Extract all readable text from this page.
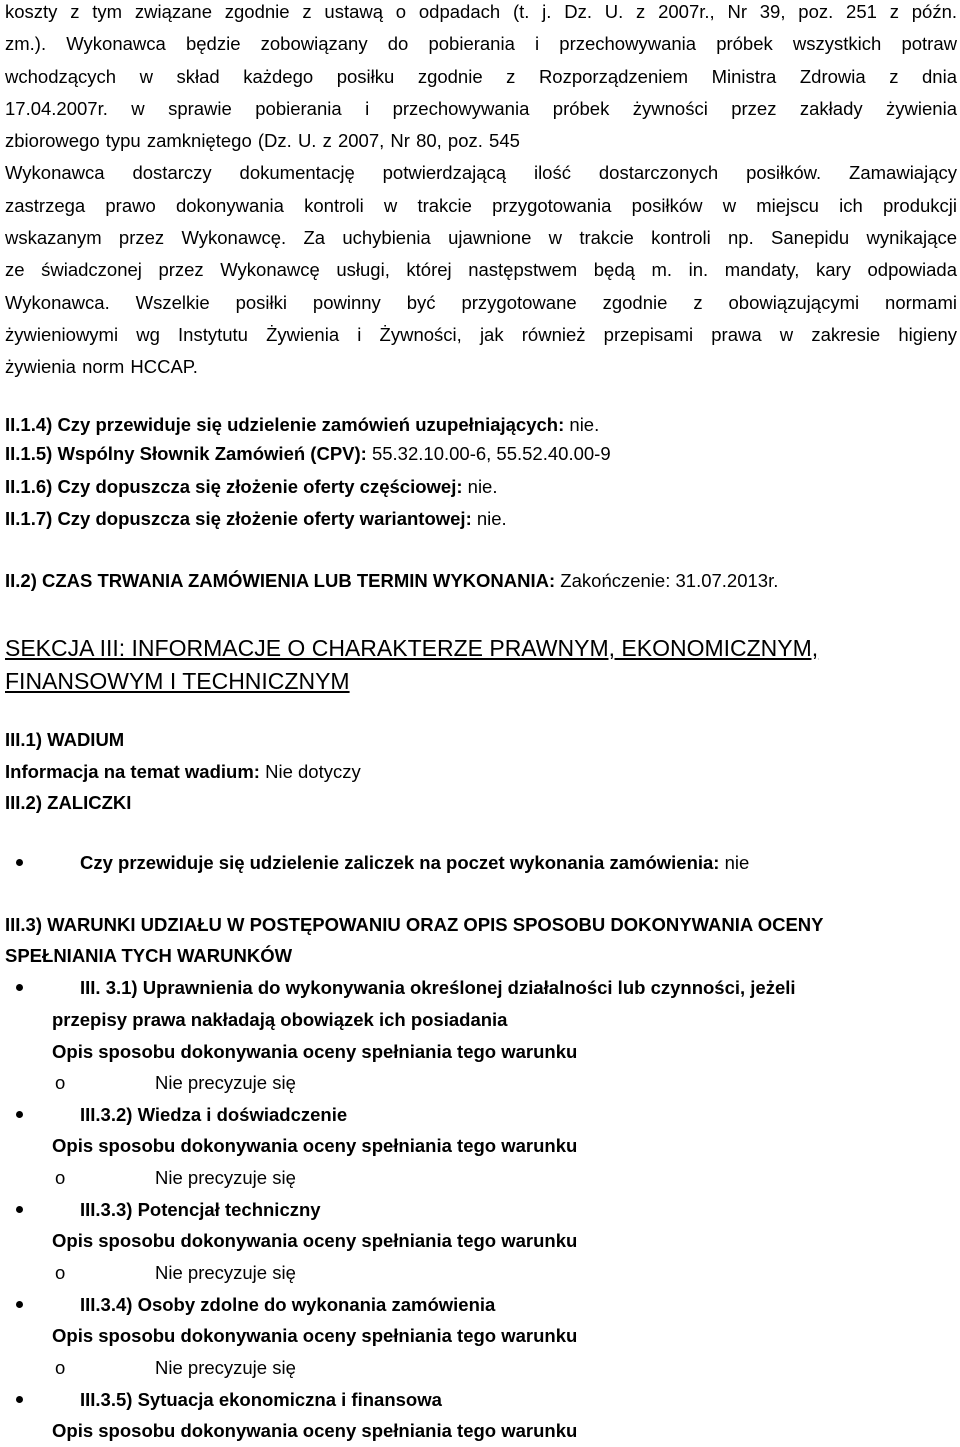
koszty z tym związane zgodnie z ustawą o odpadach (t. j. Dz. U. z 2007r., Nr 39, poz. 251 z późn.
zm.). Wykonawca będzie zobowiązany do pobierania i przechowywania próbek wszystkich potraw
wchodzących w skład każdego posiłku zgodnie z Rozporządzeniem Ministra Zdrowia z dnia
17.04.2007r. w sprawie pobierania i przechowywania próbek żywności przez zakłady żywienia
zbiorowego typu zamkniętego (Dz. U. z 2007, Nr 80, poz. 545
Wykonawca dostarczy dokumentację potwierdzającą ilość dostarczonych posiłków. Zamawiający
zastrzega prawo dokonywania kontroli w trakcie przygotowania posiłków w miejscu ich produkcji
wskazanym przez Wykonawcę. Za uchybienia ujawnione w trakcie kontroli np. Sanepidu wynikające
ze świadczonej przez Wykonawcę usługi, której następstwem będą m. in. mandaty, kary odpowiada
Wykonawca. Wszelkie posiłki powinny być przygotowane zgodnie z obowiązującymi normami
żywieniowymi wg Instytutu Żywienia i Żywności, jak również przepisami prawa w zakresie higieny
żywienia norm HCCAP.
II.1.4) Czy przewiduje się udzielenie zamówień uzupełniających: nie.
II.1.5) Wspólny Słownik Zamówień (CPV): 55.32.10.00-6, 55.52.40.00-9
II.1.6) Czy dopuszcza się złożenie oferty częściowej: nie.
II.1.7) Czy dopuszcza się złożenie oferty wariantowej: nie.
II.2) CZAS TRWANIA ZAMÓWIENIA LUB TERMIN WYKONANIA: Zakończenie: 31.07.2013r.
SEKCJA III: INFORMACJE O CHARAKTERZE PRAWNYM, EKONOMICZNYM,
FINANSOWYM I TECHNICZNYM
III.1) WADIUM
Informacja na temat wadium: Nie dotyczy
III.2) ZALICZKI
Czy przewiduje się udzielenie zaliczek na poczet wykonania zamówienia: nie
III.3) WARUNKI UDZIAŁU W POSTĘPOWANIU ORAZ OPIS SPOSOBU DOKONYWANIA OCENY
SPEŁNIANIA TYCH WARUNKÓW
III. 3.1) Uprawnienia do wykonywania określonej działalności lub czynności, jeżeli
przepisy prawa nakładają obowiązek ich posiadania
Opis sposobu dokonywania oceny spełniania tego warunku
o	Nie precyzuje się
III.3.2) Wiedza i doświadczenie
Opis sposobu dokonywania oceny spełniania tego warunku
o	Nie precyzuje się
III.3.3) Potencjał techniczny
Opis sposobu dokonywania oceny spełniania tego warunku
o	Nie precyzuje się
III.3.4) Osoby zdolne do wykonania zamówienia
Opis sposobu dokonywania oceny spełniania tego warunku
o	Nie precyzuje się
III.3.5) Sytuacja ekonomiczna i finansowa
Opis sposobu dokonywania oceny spełniania tego warunku
